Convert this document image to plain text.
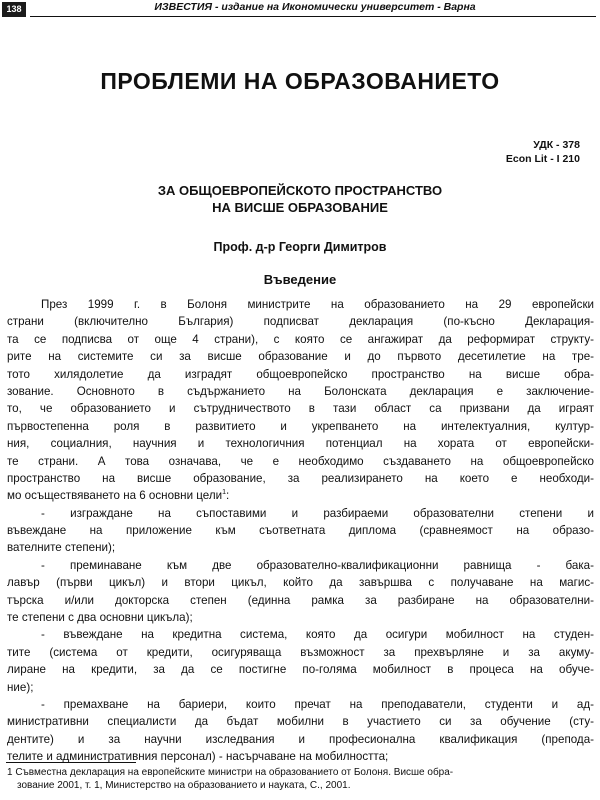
138	ИЗВЕСТИЯ - издание на Икономически университет - Варна
ПРОБЛЕМИ НА ОБРАЗОВАНИЕТО
УДК - 378
Econ Lit - I 210
ЗА ОБЩОЕВРОПЕЙСКОТО ПРОСТРАНСТВО
НА ВИСШЕ ОБРАЗОВАНИЕ
Проф. д-р Георги Димитров
Въведение
През 1999 г. в Болоня министрите на образованието на 29 европейски
страни (включително България) подписват декларация (по-късно Декларация-
та се подписва от още 4 страни), с която се ангажират да реформират структу-
рите на системите си за висше образование и до първото десетилетие на тре-
тото хилядолетие да изградят общоевропейско пространство на висше обра-
зование. Основното в съдържанието на Болонската декларация е заключение-
то, че образованието и сътрудничеството в тази област са призвани да играят
първостепенна роля в развитието и укрепването на интелектуалния, култур-
ния, социалния, научния и технологичния потенциал на хората от европейски-
те страни. А това означава, че е необходимо създаването на общоевропейско
пространство на висше образование, за реализирането на което е необходи-
мо осъществяването на 6 основни цели$^1$:
- изграждане на съпоставими и разбираеми образователни степени и
въвеждане на приложение към съответната диплома (сравнеямост на образо-
вателните степени);
- преминаване към две образователно-квалификационни равнища - бака-
лавър (първи цикъл) и втори цикъл, който да завършва с получаване на магис-
търска и/или докторска степен (единна рамка за разбиране на образователни-
те степени с два основни цикъла);
- въвеждане на кредитна система, която да осигури мобилност на студен-
тите (система от кредити, осигуряваща възможност за прехвърляне и за акуму-
лиране на кредити, за да се постигне по-голяма мобилност в процеса на обуче-
ние);
- премахване на бариери, които пречат на преподаватели, студенти и ад-
министративни специалисти да бъдат мобилни в участието си за обучение (сту-
дентите) и за научни изследвания и професионална квалификация (препода-
телите и административния персонал) - насърчаване на мобилността;
1 Съвместна декларация на европейските министри на образованието от Болоня. Висше обра-
зование 2001, т. 1, Министерство на образованието и науката, С., 2001.
